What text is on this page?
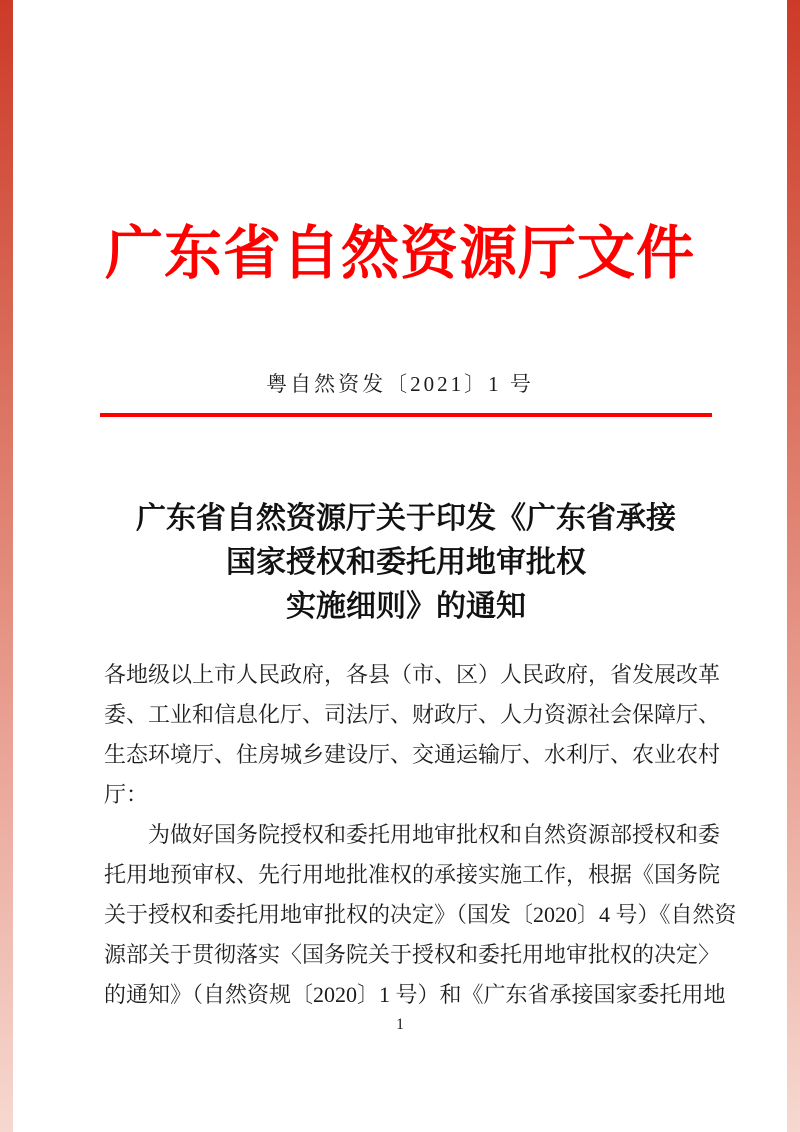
广东省自然资源厅文件
粤自然资发〔2021〕1 号
广东省自然资源厅关于印发《广东省承接
国家授权和委托用地审批权
实施细则》的通知
各地级以上市人民政府，各县（市、区）人民政府，省发展改革
委、工业和信息化厅、司法厅、财政厅、人力资源社会保障厅、
生态环境厅、住房城乡建设厅、交通运输厅、水利厅、农业农村
厅：
为做好国务院授权和委托用地审批权和自然资源部授权和委
托用地预审权、先行用地批准权的承接实施工作，根据《国务院
关于授权和委托用地审批权的决定》（国发〔2020〕4 号）《自然资
源部关于贯彻落实〈国务院关于授权和委托用地审批权的决定〉
的通知》（自然资规〔2020〕1 号）和《广东省承接国家委托用地
1
